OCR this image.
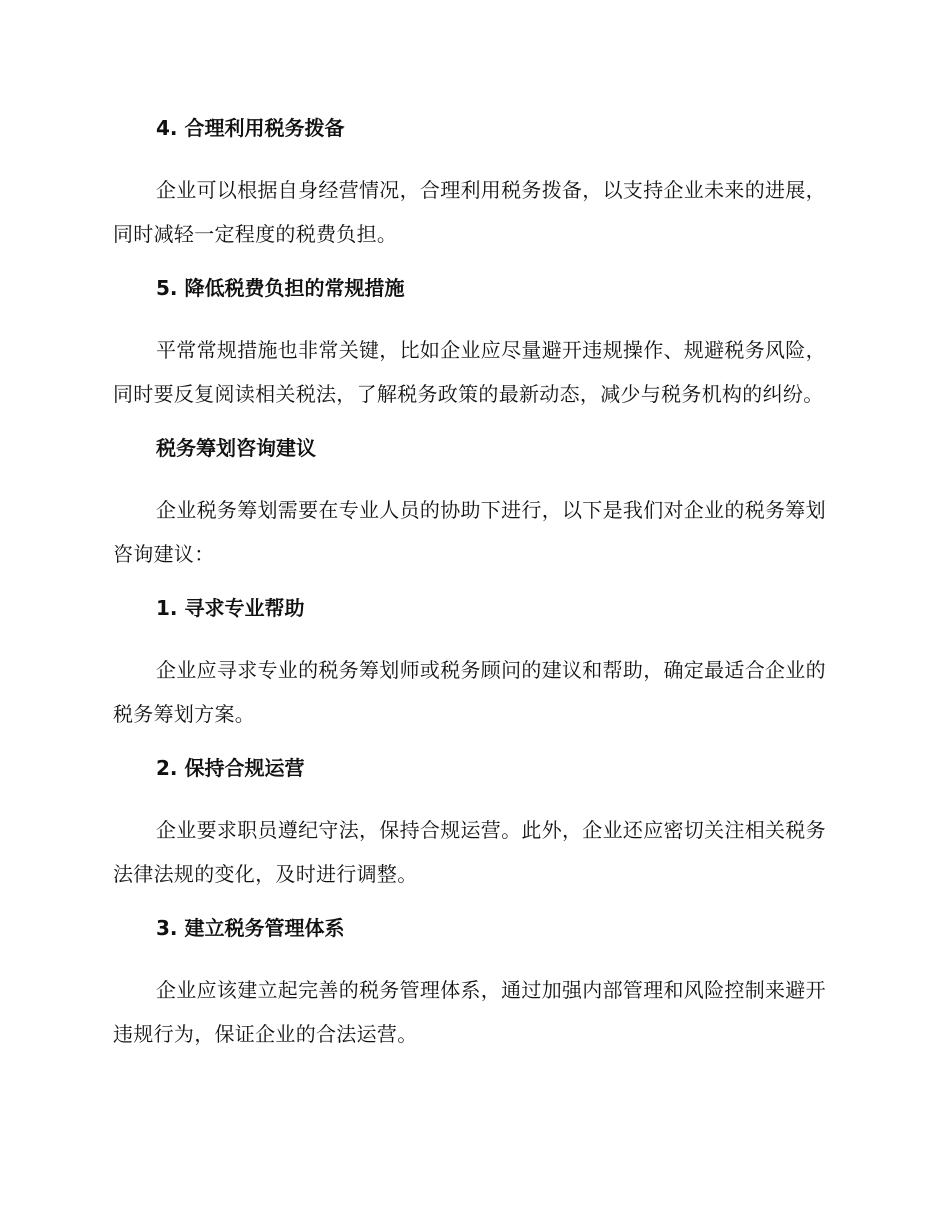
4. 合理利用税务拨备

企业可以根据自身经营情况，合理利用税务拨备，以支持企业未来的进展，同时减轻一定程度的税费负担。

5. 降低税费负担的常规措施

平常常规措施也非常关键，比如企业应尽量避开违规操作、规避税务风险，同时要反复阅读相关税法，了解税务政策的最新动态，减少与税务机构的纠纷。

税务筹划咨询建议

企业税务筹划需要在专业人员的协助下进行，以下是我们对企业的税务筹划咨询建议：

1. 寻求专业帮助

企业应寻求专业的税务筹划师或税务顾问的建议和帮助，确定最适合企业的税务筹划方案。

2. 保持合规运营

企业要求职员遵纪守法，保持合规运营。此外，企业还应密切关注相关税务法律法规的变化，及时进行调整。

3. 建立税务管理体系

企业应该建立起完善的税务管理体系，通过加强内部管理和风险控制来避开违规行为，保证企业的合法运营。
